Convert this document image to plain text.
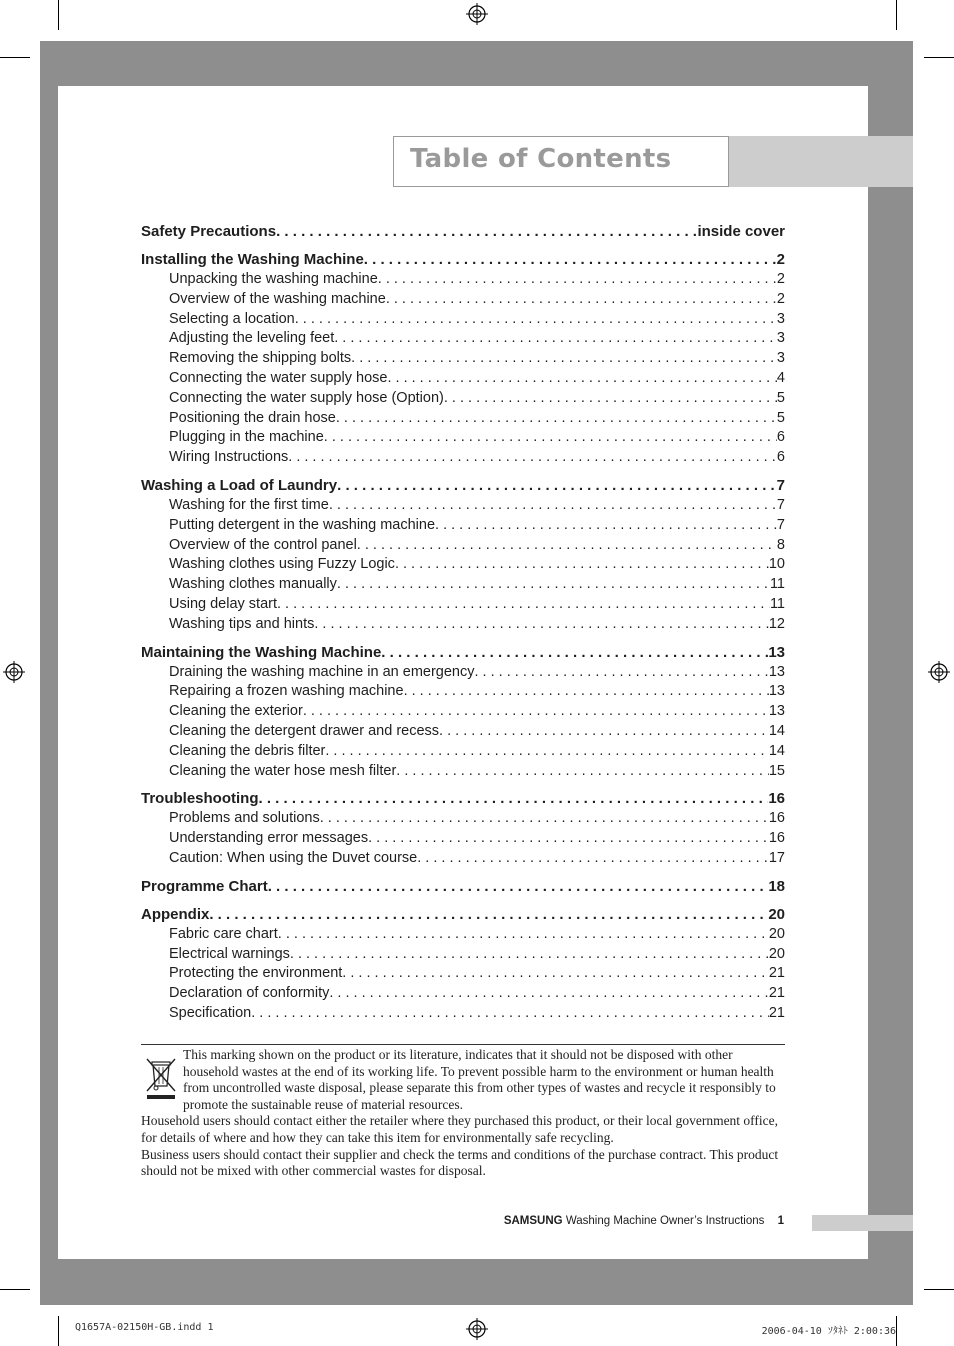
Table of Contents
Safety Precautions . . .	inside cover
Installing the Washing Machine . . .	2
Unpacking the washing machine . . .	2
Overview of the washing machine . . .	2
Selecting a location . . .	3
Adjusting the leveling feet . . .	3
Removing the shipping bolts . . .	3
Connecting the water supply hose . . .	4
Connecting the water supply hose (Option) . . .	5
Positioning the drain hose . . .	5
Plugging in the machine . . .	6
Wiring Instructions . . .	6
Washing a Load of Laundry . . .	7
Washing for the first time . . .	7
Putting detergent in the washing machine . . .	7
Overview of the control panel . . .	8
Washing clothes using Fuzzy Logic . . .	10
Washing clothes manually . . .	11
Using delay start . . .	11
Washing tips and hints . . .	12
Maintaining the Washing Machine . . .	13
Draining the washing machine in an emergency . . .	13
Repairing a frozen washing machine . . .	13
Cleaning the exterior . . .	13
Cleaning the detergent drawer and recess . . .	14
Cleaning the debris filter . . .	14
Cleaning the water hose mesh filter . . .	15
Troubleshooting . . .	16
Problems and solutions . . .	16
Understanding error messages . . .	16
Caution: When using the Duvet course . . .	17
Programme Chart . . .	18
Appendix . . .	20
Fabric care chart . . .	20
Electrical warnings . . .	20
Protecting the environment . . .	21
Declaration of conformity . . .	21
Specification . . .	21
This marking shown on the product or its literature, indicates that it should not be disposed with other household wastes at the end of its working life. To prevent possible harm to the environment or human health from uncontrolled waste disposal, please separate this from other types of wastes and recycle it responsibly to promote the sustainable reuse of material resources.
Household users should contact either the retailer where they purchased this product, or their local government office, for details of where and how they can take this item for environmentally safe recycling.
Business users should contact their supplier and check the terms and conditions of the purchase contract. This product should not be mixed with other commercial wastes for disposal.
SAMSUNG Washing Machine Owner’s Instructions 1
Q1657A-02150H-GB.indd 1	2006-04-10 ｿﾀﾈﾄ 2:00:36
